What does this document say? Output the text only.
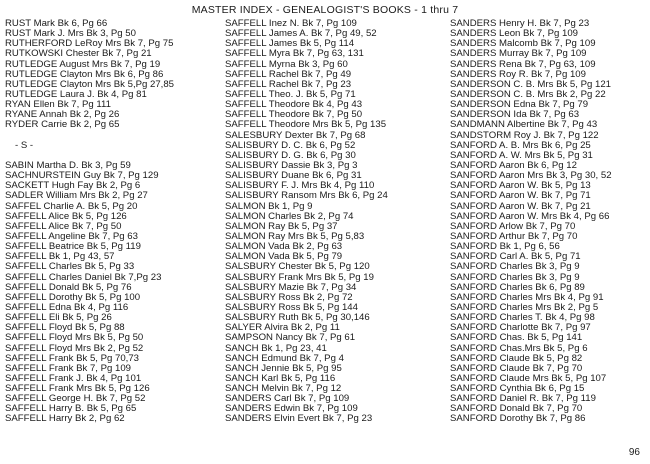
MASTER INDEX - GENEALOGIST'S BOOKS - 1 thru 7
RUST Mark Bk 6, Pg 66
RUST Mark J. Mrs Bk 3, Pg 50
RUTHERFORD LeRoy Mrs Bk 7, Pg 75
RUTKOWSKI Chester Bk 7, Pg 21
RUTLEDGE August Mrs Bk 7, Pg 19
RUTLEDGE Clayton Mrs Bk 6, Pg 86
RUTLEDGE Clayton Mrs Bk 5,Pg 27,85
RUTLEDGE Laura J. Bk 4, Pg 81
RYAN Ellen Bk 7, Pg 111
RYANE Annah Bk 2, Pg 26
RYDER Carrie Bk 2, Pg 65
- S -
SABIN Martha D. Bk 3, Pg 59
SACHNURSTEIN Guy Bk 7, Pg 129
SACKETT Hugh Fay Bk 2, Pg 6
SADLER William Mrs Bk 2, Pg 27
SAFFEL Charlie A. Bk 5, Pg 20
SAFFELL Alice Bk 5, Pg 126
SAFFELL Alice Bk 7, Pg 50
SAFFELL Angeline Bk 7, Pg 63
SAFFELL Beatrice Bk 5, Pg 119
SAFFELL Bk 1, Pg 43, 57
SAFFELL Charles Bk 5, Pg 33
SAFFELL Charles Daniel Bk 7,Pg 23
SAFFELL Donald Bk 5, Pg 76
SAFFELL Dorothy Bk 5, Pg 100
SAFFELL Edna Bk 4, Pg 116
SAFFELL Eli Bk 5, Pg 26
SAFFELL Floyd Bk 5, Pg 88
SAFFELL Floyd Mrs Bk 5, Pg 50
SAFFELL Floyd Mrs Bk 2, Pg 52
SAFFELL Frank Bk 5, Pg 70,73
SAFFELL Frank Bk 7, Pg 109
SAFFELL Frank J. Bk 4, Pg 101
SAFFELL Frank Mrs Bk 5, Pg 126
SAFFELL George H. Bk 7, Pg 52
SAFFELL Harry B. Bk 5, Pg 65
SAFFELL Harry Bk 2, Pg 62
SAFFELL Inez N. Bk 7, Pg 109
SAFFELL James A. Bk 7, Pg 49, 52
SAFFELL James Bk 5, Pg 114
SAFFELL Myra Bk 7, Pg 63, 131
SAFFELL Myrna Bk 3, Pg 60
SAFFELL Rachel Bk 7, Pg 49
SAFFELL Rachel Bk 7, Pg 23
SAFFELL Theo. J. Bk 5, Pg 71
SAFFELL Theodore Bk 4, Pg 43
SAFFELL Theodore Bk 7, Pg 50
SAFFELL Theodore Mrs Bk 5, Pg 135
SALESBURY Dexter Bk 7, Pg 68
SALISBURY D. C. Bk 6, Pg 52
SALISBURY D. G. Bk 6, Pg 30
SALISBURY Dassie Bk 3, Pg 3
SALISBURY Duane Bk 6, Pg 31
SALISBURY F. J. Mrs Bk 4, Pg 110
SALISBURY Ransom Mrs Bk 6, Pg 24
SALMON Bk 1, Pg 9
SALMON Charles Bk 2, Pg 74
SALMON Ray Bk 5, Pg 37
SALMON Ray Mrs Bk 5, Pg 5,83
SALMON Vada Bk 2, Pg 63
SALMON Vada Bk 5, Pg 79
SALSBURY Chester Bk 5, Pg 120
SALSBURY Frank Mrs Bk 5, Pg 19
SALSBURY Mazie Bk 7, Pg 34
SALSBURY Ross Bk 2, Pg 72
SALSBURY Ross Bk 5, Pg 144
SALSBURY Ruth Bk 5, Pg 30,146
SALYER Alvira Bk 2, Pg 11
SAMPSON Nancy Bk 7, Pg 61
SANCH Bk 1, Pg 23, 41
SANCH Edmund Bk 7, Pg 4
SANCH Jennie Bk 5, Pg 95
SANCH Karl Bk 5, Pg 116
SANCH Melvin Bk 7, Pg 12
SANDERS Carl Bk 7, Pg 109
SANDERS Edwin Bk 7, Pg 109
SANDERS Elvin Evert Bk 7, Pg 23
SANDERS Henry H. Bk 7, Pg 23
SANDERS Leon Bk 7, Pg 109
SANDERS Malcomb Bk 7, Pg 109
SANDERS Murray Bk 7, Pg 109
SANDERS Rena Bk 7, Pg 63, 109
SANDERS Roy R. Bk 7, Pg 109
SANDERSON C. B. Mrs Bk 5, Pg 121
SANDERSON C. B. Mrs Bk 2, Pg 22
SANDERSON Edna Bk 7, Pg 79
SANDERSON Ida Bk 7, Pg 63
SANDMANN Albertine Bk 7, Pg 43
SANDSTORM Roy J. Bk 7, Pg 122
SANFORD A. B. Mrs Bk 6, Pg 25
SANFORD A. W. Mrs Bk 5, Pg 31
SANFORD Aaron Bk 6, Pg 12
SANFORD Aaron Mrs Bk 3, Pg 30, 52
SANFORD Aaron W. Bk 5, Pg 13
SANFORD Aaron W. Bk 7, Pg 71
SANFORD Aaron W. Bk 7, Pg 21
SANFORD Aaron W. Mrs Bk 4, Pg 66
SANFORD Arlow Bk 7, Pg 70
SANFORD Arthur Bk 7, Pg 70
SANFORD Bk 1, Pg 6, 56
SANFORD Carl A. Bk 5, Pg 71
SANFORD Charles Bk 3, Pg 9
SANFORD Charles Bk 3, Pg 9
SANFORD Charles Bk 6, Pg 89
SANFORD Charles Mrs Bk 4, Pg 91
SANFORD Charles Mrs Bk 2, Pg 5
SANFORD Charles T. Bk 4, Pg 98
SANFORD Charlotte Bk 7, Pg 97
SANFORD Chas. Bk 5, Pg 141
SANFORD Chas.Mrs Bk 5, Pg 6
SANFORD Claude Bk 5, Pg 82
SANFORD Claude Bk 7, Pg 70
SANFORD Claude Mrs Bk 5, Pg 107
SANFORD Cynthia Bk 6, Pg 15
SANFORD Daniel R. Bk 7, Pg 119
SANFORD Donald Bk 7, Pg 70
SANFORD Dorothy Bk 7, Pg 86
96
